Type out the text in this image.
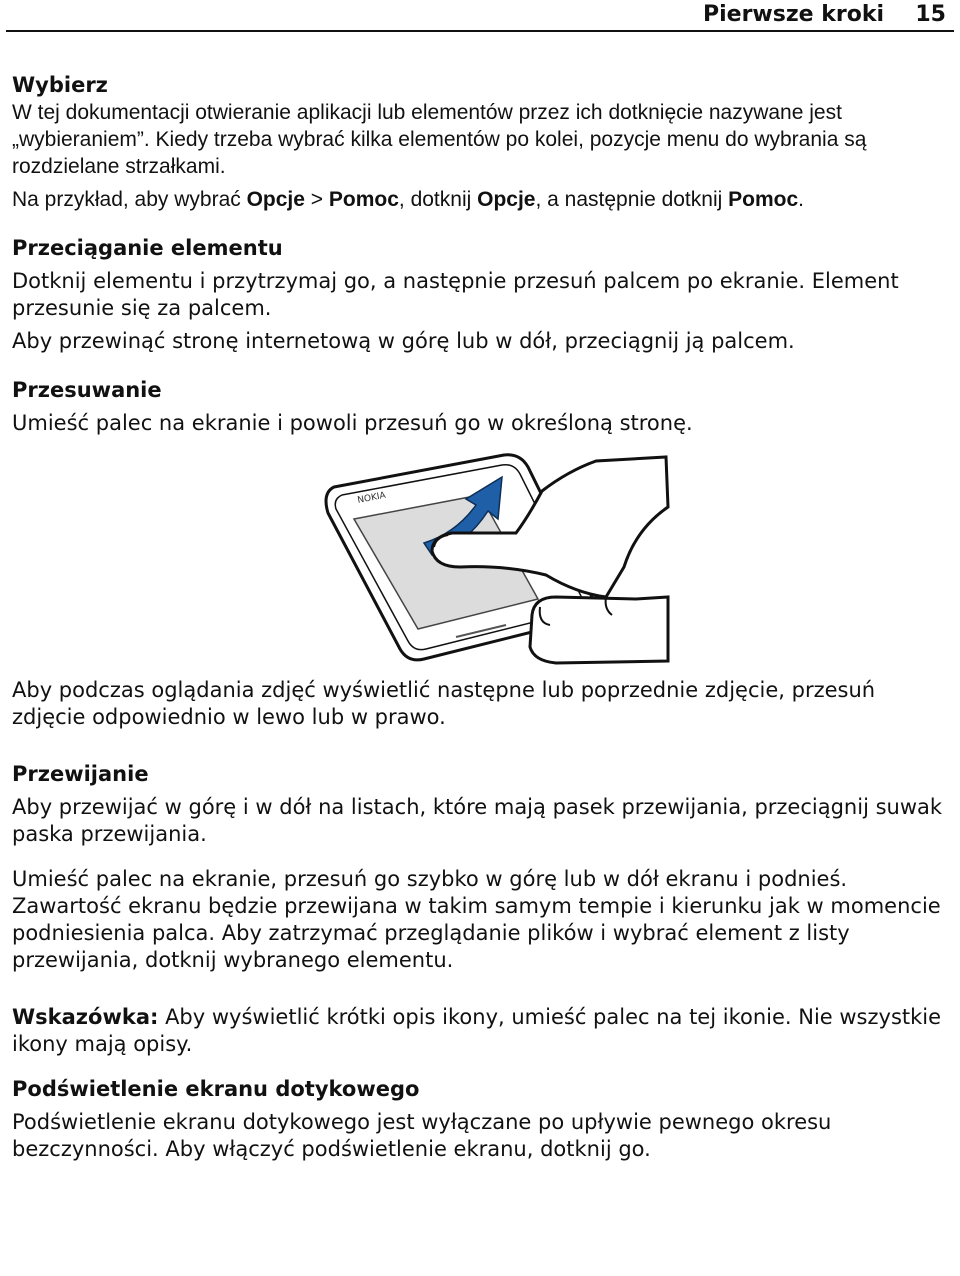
Pierwsze kroki 15

Wybierz

W tej dokumentacji otwieranie aplikacji lub elementów przez ich dotknięcie nazywane jest „wybieraniem”. Kiedy trzeba wybrać kilka elementów po kolei, pozycje menu do wybrania są rozdzielane strzałkami.

Na przykład, aby wybrać Opcje > Pomoc, dotknij Opcje, a następnie dotknij Pomoc.

Przeciąganie elementu

Dotknij elementu i przytrzymaj go, a następnie przesuń palcem po ekranie. Element przesunie się za palcem.

Aby przewinąć stronę internetową w górę lub w dół, przeciągnij ją palcem.

Przesuwanie

Umieść palec na ekranie i powoli przesuń go w określoną stronę.

NOKIA

Aby podczas oglądania zdjęć wyświetlić następne lub poprzednie zdjęcie, przesuń zdjęcie odpowiednio w lewo lub w prawo.

Przewijanie

Aby przewijać w górę i w dół na listach, które mają pasek przewijania, przeciągnij suwak paska przewijania.

Umieść palec na ekranie, przesuń go szybko w górę lub w dół ekranu i podnieś. Zawartość ekranu będzie przewijana w takim samym tempie i kierunku jak w momencie podniesienia palca. Aby zatrzymać przeglądanie plików i wybrać element z listy przewijania, dotknij wybranego elementu.

Wskazówka: Aby wyświetlić krótki opis ikony, umieść palec na tej ikonie. Nie wszystkie ikony mają opisy.

Podświetlenie ekranu dotykowego

Podświetlenie ekranu dotykowego jest wyłączane po upływie pewnego okresu bezczynności. Aby włączyć podświetlenie ekranu, dotknij go.
